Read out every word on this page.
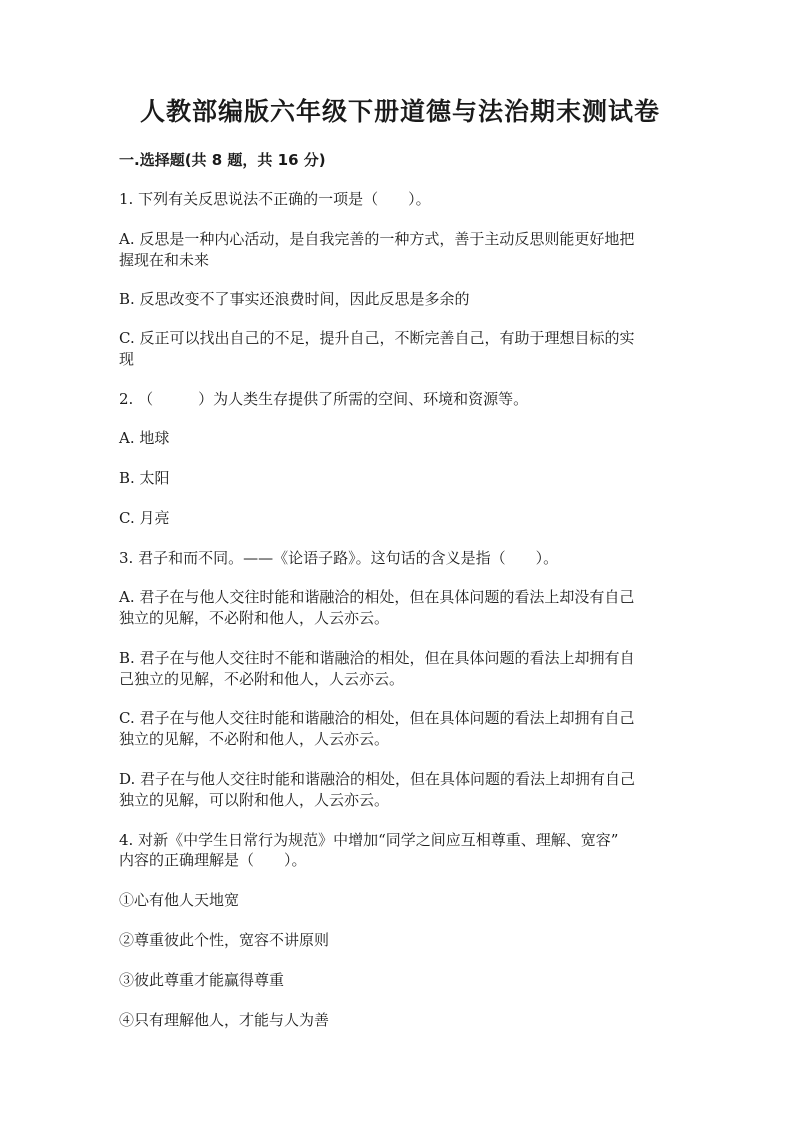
人教部编版六年级下册道德与法治期末测试卷
一.选择题(共 8 题，共 16 分)

1. 下列有关反思说法不正确的一项是（　　）。

A. 反思是一种内心活动，是自我完善的一种方式，善于主动反思则能更好地把

握现在和未来

B. 反思改变不了事实还浪费时间，因此反思是多余的

C. 反正可以找出自己的不足，提升自己，不断完善自己，有助于理想目标的实

现

2. （　　　）为人类生存提供了所需的空间、环境和资源等。

A. 地球

B. 太阳

C. 月亮

3. 君子和而不同。——《论语子路》。这句话的含义是指（　　）。

A. 君子在与他人交往时能和谐融洽的相处，但在具体问题的看法上却没有自己

独立的见解，不必附和他人，人云亦云。

B. 君子在与他人交往时不能和谐融洽的相处，但在具体问题的看法上却拥有自

己独立的见解，不必附和他人，人云亦云。

C. 君子在与他人交往时能和谐融洽的相处，但在具体问题的看法上却拥有自己

独立的见解，不必附和他人，人云亦云。

D. 君子在与他人交往时能和谐融洽的相处，但在具体问题的看法上却拥有自己

独立的见解，可以附和他人，人云亦云。

4. 对新《中学生日常行为规范》中增加“同学之间应互相尊重、理解、宽容”

内容的正确理解是（　　）。

①心有他人天地宽

②尊重彼此个性，宽容不讲原则

③彼此尊重才能赢得尊重

④只有理解他人，才能与人为善
